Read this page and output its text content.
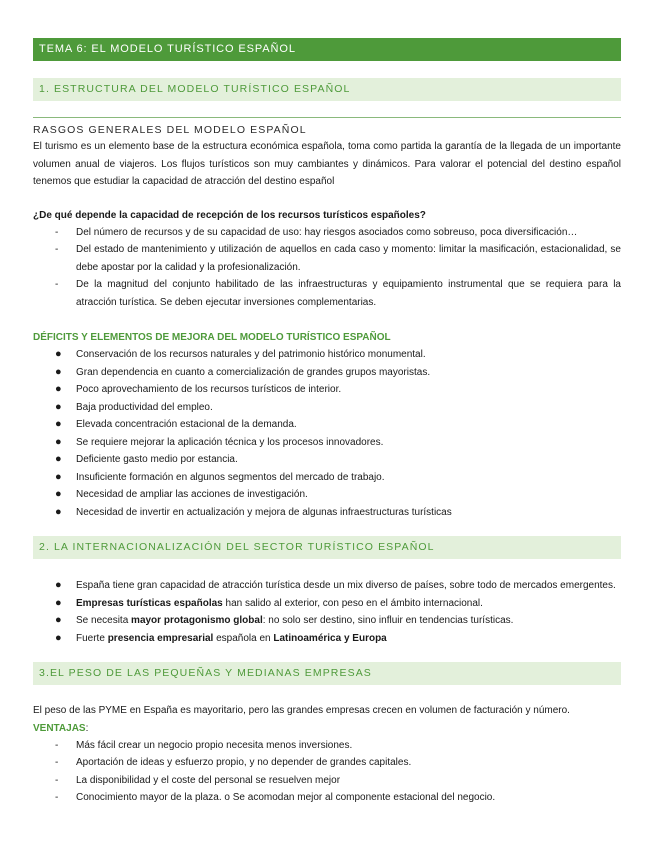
TEMA 6: EL MODELO TURÍSTICO ESPAÑOL
1. ESTRUCTURA DEL MODELO TURÍSTICO ESPAÑOL
RASGOS GENERALES DEL MODELO ESPAÑOL

El turismo es un elemento base de la estructura económica española, toma como partida la garantía de la llegada de un importante volumen anual de viajeros. Los flujos turísticos son muy cambiantes y dinámicos. Para valorar el potencial del destino español tenemos que estudiar la capacidad de atracción del destino español

¿De qué depende la capacidad de recepción de los recursos turísticos españoles?
- Del número de recursos y de su capacidad de uso: hay riesgos asociados como sobreuso, poca diversificación…
- Del estado de mantenimiento y utilización de aquellos en cada caso y momento: limitar la masificación, estacionalidad, se debe apostar por la calidad y la profesionalización.
- De la magnitud del conjunto habilitado de las infraestructuras y equipamiento instrumental que se requiera para la atracción turística. Se deben ejecutar inversiones complementarias.
DÉFICITS Y ELEMENTOS DE MEJORA DEL MODELO TURÍSTICO ESPAÑOL
● Conservación de los recursos naturales y del patrimonio histórico monumental.
● Gran dependencia en cuanto a comercialización de grandes grupos mayoristas.
● Poco aprovechamiento de los recursos turísticos de interior.
● Baja productividad del empleo.
● Elevada concentración estacional de la demanda.
● Se requiere mejorar la aplicación técnica y los procesos innovadores.
● Deficiente gasto medio por estancia.
● Insuficiente formación en algunos segmentos del mercado de trabajo.
● Necesidad de ampliar las acciones de investigación.
● Necesidad de invertir en actualización y mejora de algunas infraestructuras turísticas
2. LA INTERNACIONALIZACIÓN DEL SECTOR TURÍSTICO ESPAÑOL
● España tiene gran capacidad de atracción turística desde un mix diverso de países, sobre todo de mercados emergentes.
● Empresas turísticas españolas han salido al exterior, con peso en el ámbito internacional.
● Se necesita mayor protagonismo global: no solo ser destino, sino influir en tendencias turísticas.
● Fuerte presencia empresarial española en Latinoamérica y Europa
3.EL PESO DE LAS PEQUEÑAS Y MEDIANAS EMPRESAS

El peso de las PYME en España es mayoritario, pero las grandes empresas crecen en volumen de facturación y número.

VENTAJAS:
- Más fácil crear un negocio propio necesita menos inversiones.
- Aportación de ideas y esfuerzo propio, y no depender de grandes capitales.
- La disponibilidad y el coste del personal se resuelven mejor
- Conocimiento mayor de la plaza. o Se acomodan mejor al componente estacional del negocio.
